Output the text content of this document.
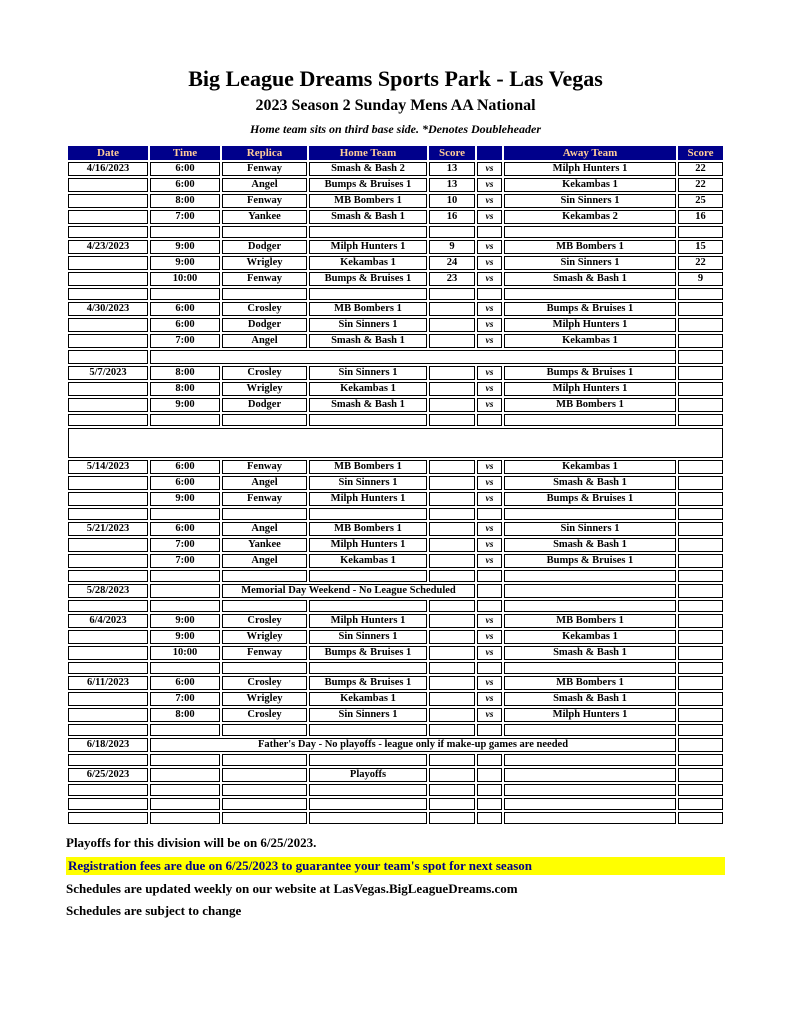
Big League Dreams Sports Park - Las Vegas
2023 Season 2 Sunday Mens AA National
Home team sits on third base side. *Denotes Doubleheader
Date	Time	Replica	Home Team	Score		Away Team	Score
4/16/2023	6:00	Fenway	Smash & Bash 2	13	vs	Milph Hunters 1	22
	6:00	Angel	Bumps & Bruises 1	13	vs	Kekambas 1	22
	8:00	Fenway	MB Bombers 1	10	vs	Sin Sinners 1	25
	7:00	Yankee	Smash & Bash 1	16	vs	Kekambas 2	16

4/23/2023	9:00	Dodger	Milph Hunters 1	9	vs	MB Bombers 1	15
	9:00	Wrigley	Kekambas 1	24	vs	Sin Sinners 1	22
	10:00	Fenway	Bumps & Bruises 1	23	vs	Smash & Bash 1	9

4/30/2023	6:00	Crosley	MB Bombers 1		vs	Bumps & Bruises 1	
	6:00	Dodger	Sin Sinners 1		vs	Milph Hunters 1	
	7:00	Angel	Smash & Bash 1		vs	Kekambas 1	
	5/7 - All fees are due by the end of the night or games will be recorded as a forfeit						
5/7/2023	8:00	Crosley	Sin Sinners 1		vs	Bumps & Bruises 1	
	8:00	Wrigley	Kekambas 1		vs	Milph Hunters 1	
	9:00	Dodger	Smash & Bash 1		vs	MB Bombers 1	

5/14 -Rosters are frozen after tonight, only players with their names on the signed roster are eligible for playoffs.
Please check carefully as changes will not be made for omissions.							

5/14/2023	6:00	Fenway	MB Bombers 1		vs	Kekambas 1	
	6:00	Angel	Sin Sinners 1		vs	Smash & Bash 1	
	9:00	Fenway	Milph Hunters 1		vs	Bumps & Bruises 1	

5/21/2023	6:00	Angel	MB Bombers 1		vs	Sin Sinners 1	
	7:00	Yankee	Milph Hunters 1		vs	Smash & Bash 1	
	7:00	Angel	Kekambas 1		vs	Bumps & Bruises 1	

5/28/2023		Memorial Day Weekend - No League Scheduled					

6/4/2023	9:00	Crosley	Milph Hunters 1		vs	MB Bombers 1	
	9:00	Wrigley	Sin Sinners 1		vs	Kekambas 1	
	10:00	Fenway	Bumps & Bruises 1		vs	Smash & Bash 1	

6/11/2023	6:00	Crosley	Bumps & Bruises 1		vs	MB Bombers 1	
	7:00	Wrigley	Kekambas 1		vs	Smash & Bash 1	
	8:00	Crosley	Sin Sinners 1		vs	Milph Hunters 1	

6/18/2023	Father's Day - No playoffs - league only if make-up games are needed						

6/25/2023			Playoffs				

Playoffs for this division will be on 6/25/2023.
Registration fees are due on 6/25/2023 to guarantee your team's spot for next season
Schedules are updated weekly on our website at LasVegas.BigLeagueDreams.com
Schedules are subject to change
